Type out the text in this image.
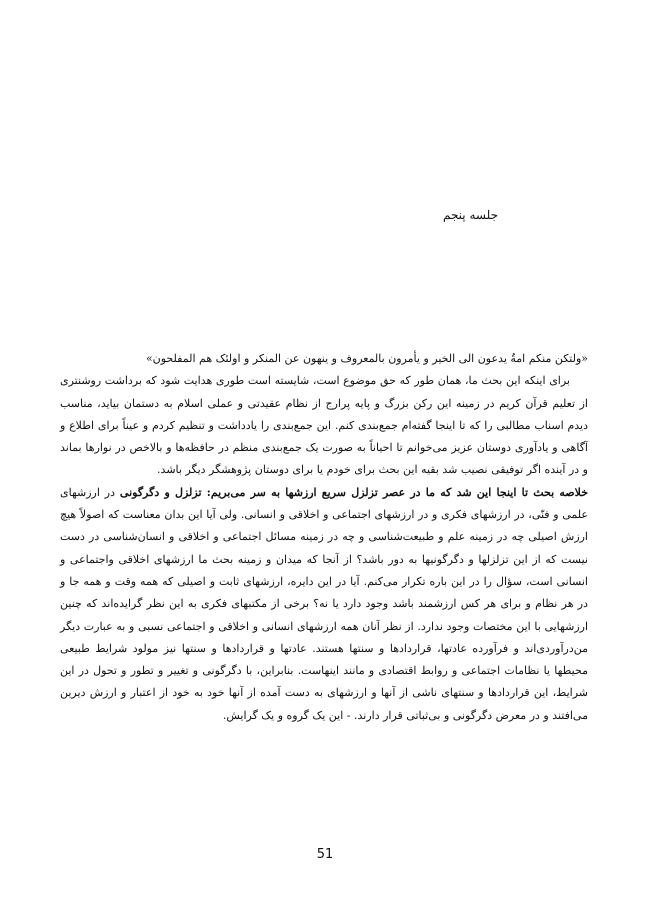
جلسه پنجم

«ولتکن منکم امةٌ یدعون الی الخیر و یأمرون بالمعروف و ینهون عن المنکر و اولئک هم المفلحون»

برای اینکه این بحث ما، همان طور که حق موضوع است، شایسته است طوری هدایت شود که برداشت روشنتری از تعلیم قرآن کریم در زمینه این رکن بزرگ و پایه پرارج از نظام عقیدتی و عملی اسلام به دستمان بیاید، مناسب دیدم اسناب مطالبی را که تا اینجا گفته‌ام جمع‌بندی کنم. این جمع‌بندی را یادداشت و تنظیم کردم و عیناً برای اطلاع و آگاهی و یادآوری دوستان عزیز می‌خوانم تا احیاناً به صورت یک جمع‌بندی منظم در حافظه‌ها و بالاخص در نوارها بماند و در آینده اگر توفیقی نصیب شد بقیه این بحث برای خودم یا برای دوستان پژوهشگر دیگر باشد.

خلاصه بحث تا اینجا این شد که ما در عصر تزلزل سریع ارزشها به سر می‌بریم: تزلزل و دگرگونی در ارزشهای علمی و فنّی، در ارزشهای فکری و در ارزشهای اجتماعی و اخلاقی و انسانی. ولی آیا این بدان معناست که اصولاً هیچ ارزش اصیلی چه در زمینه علم و طبیعت‌شناسی و چه در زمینه مسائل اجتماعی و اخلاقی و انسان‌شناسی در دست نیست که از این تزلزلها و دگرگونیها به دور باشد؟ از آنجا که میدان و زمینه بحث ما ارزشهای اخلاقی واجتماعی و انسانی است، سؤال را در این باره تکرار می‌کنم. آیا در این دایره، ارزشهای ثابت و اصیلی که همه وقت و همه جا و در هر نظام و برای هر کس ارزشمند باشد وجود دارد یا نه؟ برخی از مکتبهای فکری به این نظر گرایده‌اند که چنین ارزشهایی با این مختصات وجود ندارد. از نظر آنان همه ارزشهای انسانی و اخلاقی و اجتماعی نسبی و به عبارت دیگر من‌درآوردی‌اند و فرآورده عادتها، قراردادها و سنتها هستند. عادتها و قراردادها و سنتها نیز مولود شرایط طبیعی محیطها یا نظامات اجتماعی و روابط اقتصادی و مانند اینهاست. بنابراین، با دگرگونی و تغییر و تطور و تحول در این شرایط، این قراردادها و سنتهای ناشی از آنها و ارزشهای به دست آمده از آنها خود به خود از اعتبار و ارزش دیرین می‌افتند و در معرض دگرگونی و بی‌ثباتی قرار دارند. - این یک گروه و یک گرایش.

51
